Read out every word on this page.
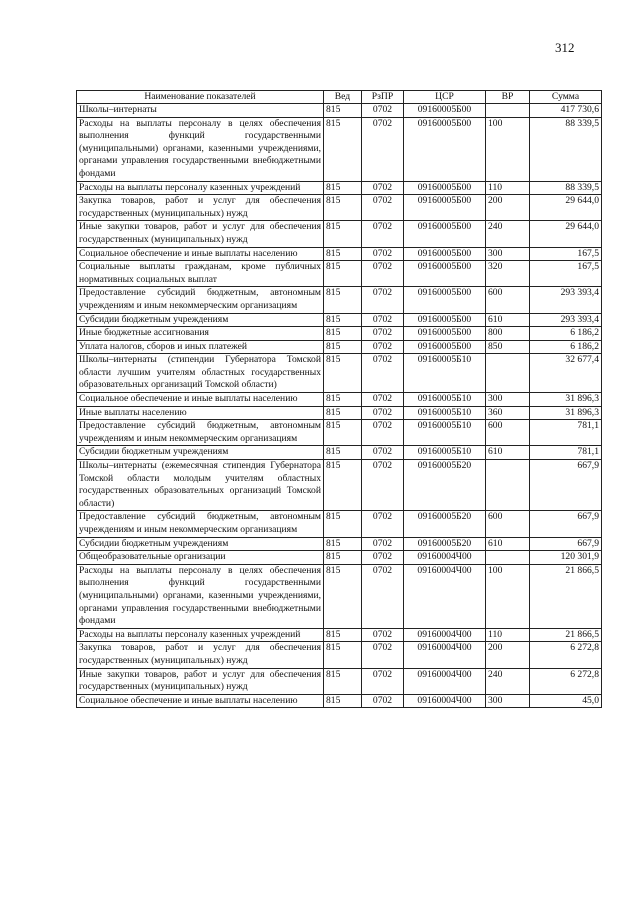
312
Наименование показателей	Вед	РзПР	ЦСР	ВР	Сумма
Школы–интернаты	815	0702	09160005Б00		417 730,6
Расходы на выплаты персоналу в целях обеспечения выполнения функций государственными (муниципальными) органами, казенными учреждениями, органами управления государственными внебюджетными фондами	815	0702	09160005Б00	100	88 339,5
Расходы на выплаты персоналу казенных учреждений	815	0702	09160005Б00	110	88 339,5
Закупка товаров, работ и услуг для обеспечения государственных (муниципальных) нужд	815	0702	09160005Б00	200	29 644,0
Иные закупки товаров, работ и услуг для обеспечения государственных (муниципальных) нужд	815	0702	09160005Б00	240	29 644,0
Социальное обеспечение и иные выплаты населению	815	0702	09160005Б00	300	167,5
Социальные выплаты гражданам, кроме публичных нормативных социальных выплат	815	0702	09160005Б00	320	167,5
Предоставление субсидий бюджетным, автономным учреждениям и иным некоммерческим организациям	815	0702	09160005Б00	600	293 393,4
Субсидии бюджетным учреждениям	815	0702	09160005Б00	610	293 393,4
Иные бюджетные ассигнования	815	0702	09160005Б00	800	6 186,2
Уплата налогов, сборов и иных платежей	815	0702	09160005Б00	850	6 186,2
Школы–интернаты (стипендии Губернатора Томской области лучшим учителям областных государственных образовательных организаций Томской области)	815	0702	09160005Б10		32 677,4
Социальное обеспечение и иные выплаты населению	815	0702	09160005Б10	300	31 896,3
Иные выплаты населению	815	0702	09160005Б10	360	31 896,3
Предоставление субсидий бюджетным, автономным учреждениям и иным некоммерческим организациям	815	0702	09160005Б10	600	781,1
Субсидии бюджетным учреждениям	815	0702	09160005Б10	610	781,1
Школы–интернаты (ежемесячная стипендия Губернатора Томской области молодым учителям областных государственных образовательных организаций Томской области)	815	0702	09160005Б20		667,9
Предоставление субсидий бюджетным, автономным учреждениям и иным некоммерческим организациям	815	0702	09160005Б20	600	667,9
Субсидии бюджетным учреждениям	815	0702	09160005Б20	610	667,9
Общеобразовательные организации	815	0702	09160004Ч00		120 301,9
Расходы на выплаты персоналу в целях обеспечения выполнения функций государственными (муниципальными) органами, казенными учреждениями, органами управления государственными внебюджетными фондами	815	0702	09160004Ч00	100	21 866,5
Расходы на выплаты персоналу казенных учреждений	815	0702	09160004Ч00	110	21 866,5
Закупка товаров, работ и услуг для обеспечения государственных (муниципальных) нужд	815	0702	09160004Ч00	200	6 272,8
Иные закупки товаров, работ и услуг для обеспечения государственных (муниципальных) нужд	815	0702	09160004Ч00	240	6 272,8
Социальное обеспечение и иные выплаты населению	815	0702	09160004Ч00	300	45,0
